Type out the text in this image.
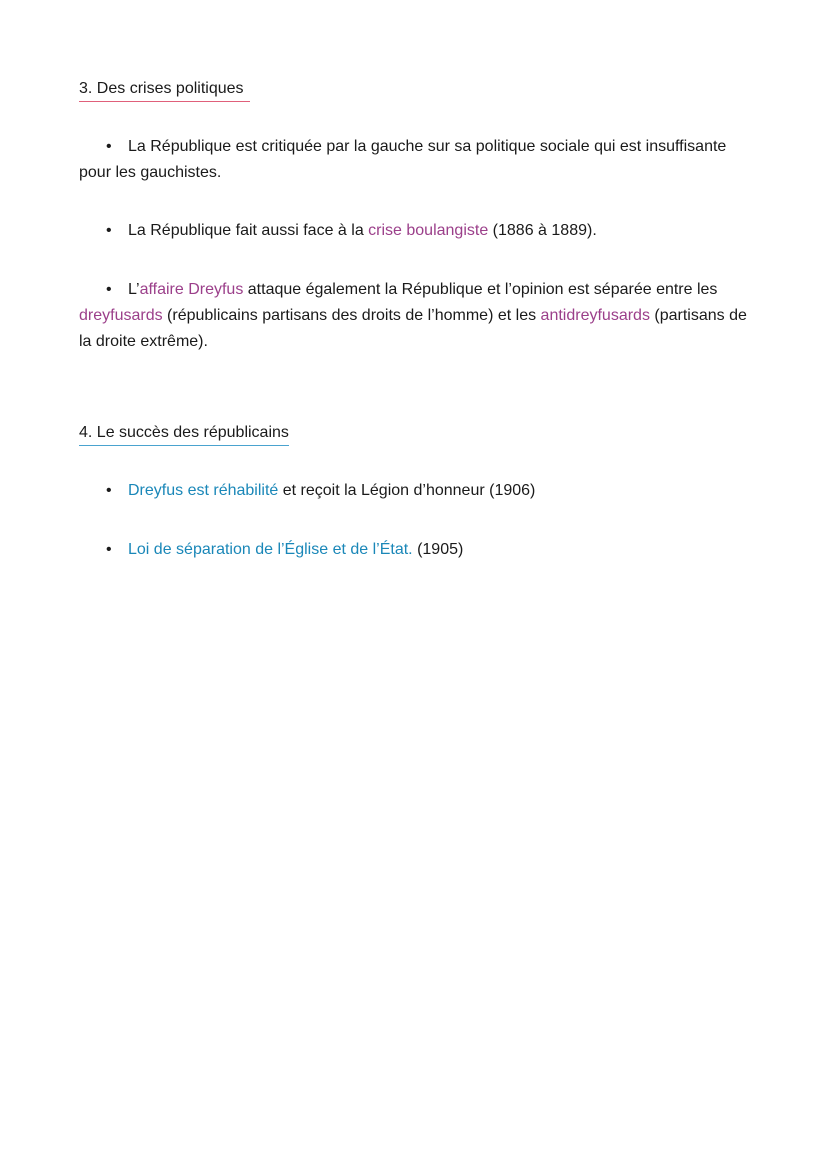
3. Des crises politiques

• La République est critiquée par la gauche sur sa politique sociale qui est insuffisante pour les gauchistes.

• La République fait aussi face à la crise boulangiste (1886 à 1889).

• L’affaire Dreyfus attaque également la République et l’opinion est séparée entre les dreyfusards (républicains partisans des droits de l’homme) et les antidreyfusards (partisans de la droite extrême).

4. Le succès des républicains

• Dreyfus est réhabilité et reçoit la Légion d’honneur (1906)

• Loi de séparation de l’Église et de l’État. (1905)
